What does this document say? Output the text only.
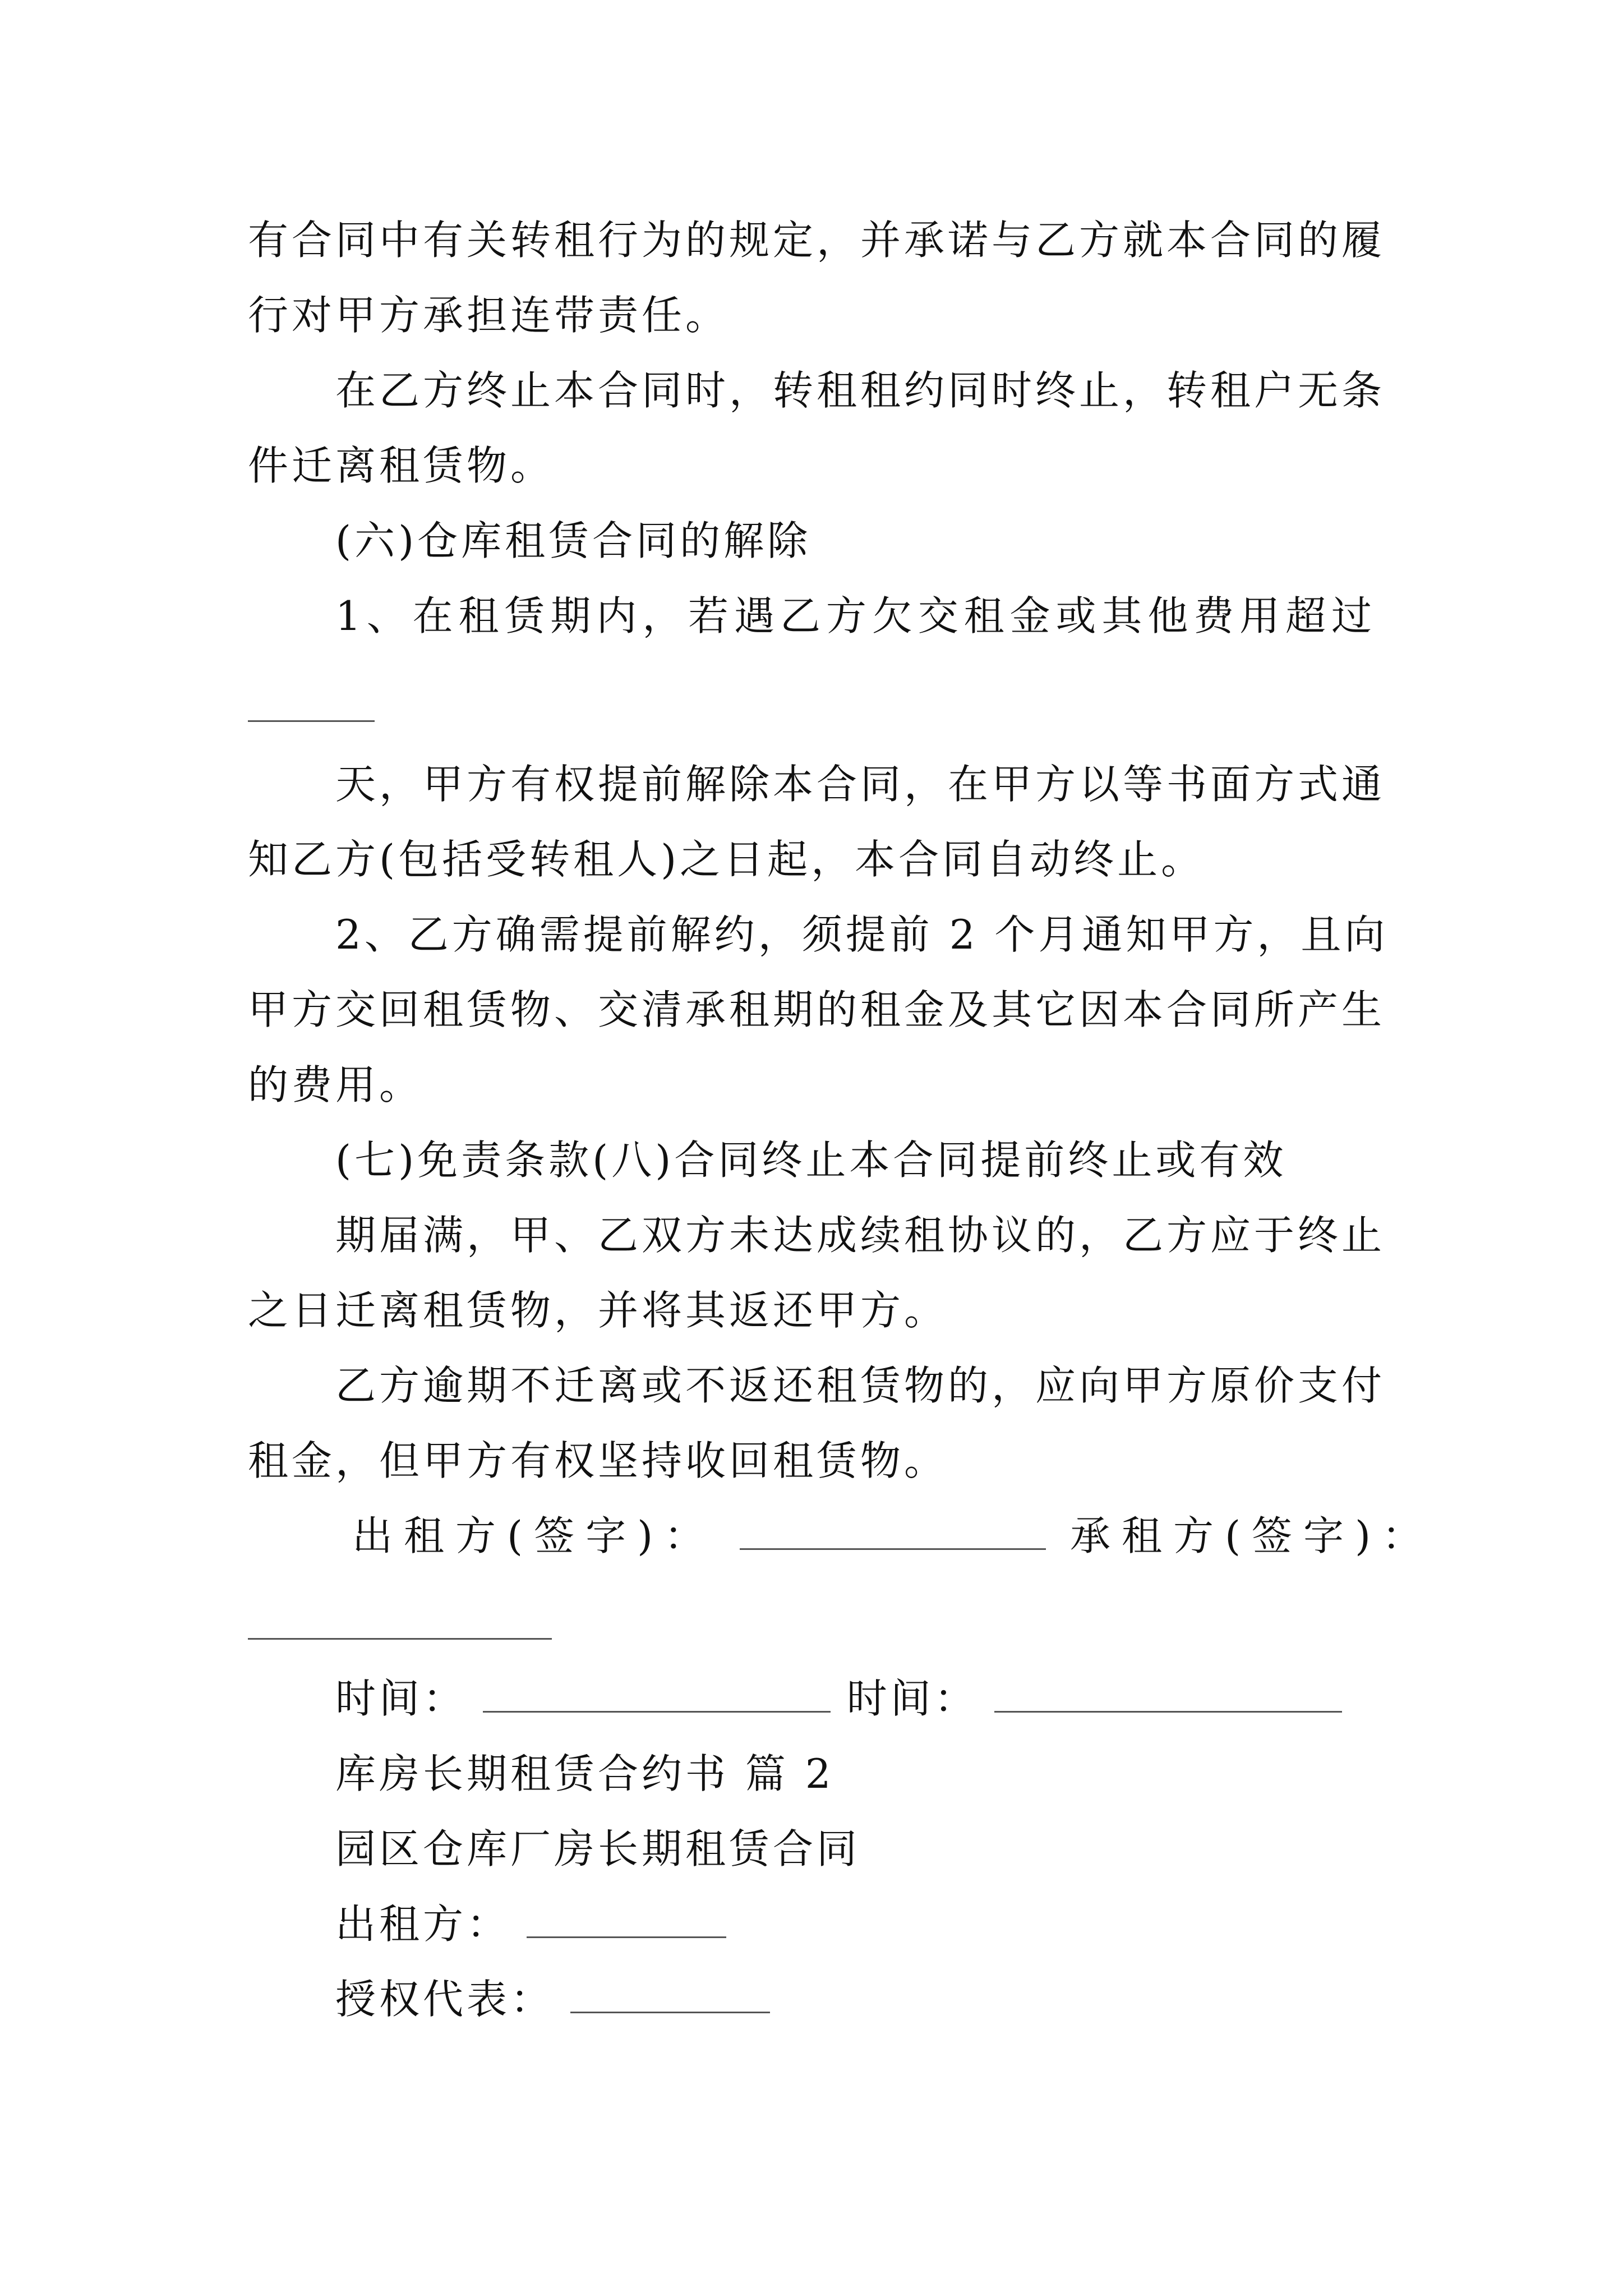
有合同中有关转租行为的规定，并承诺与乙方就本合同的履
行对甲方承担连带责任。
在乙方终止本合同时，转租租约同时终止，转租户无条
件迁离租赁物。
(六)仓库租赁合同的解除
1、在租赁期内，若遇乙方欠交租金或其他费用超过
天，甲方有权提前解除本合同，在甲方以等书面方式通
知乙方(包括受转租人)之日起，本合同自动终止。
2、乙方确需提前解约，须提前 2 个月通知甲方，且向
甲方交回租赁物、交清承租期的租金及其它因本合同所产生
的费用。
(七)免责条款(八)合同终止本合同提前终止或有效
期届满，甲、乙双方未达成续租协议的，乙方应于终止
之日迁离租赁物，并将其返还甲方。
乙方逾期不迁离或不返还租赁物的，应向甲方原价支付
租金，但甲方有权坚持收回租赁物。
出租方(签字)：	承租方(签字)：
时间：	时间：
库房长期租赁合约书 篇 2
园区仓库厂房长期租赁合同
出租方：
授权代表：
